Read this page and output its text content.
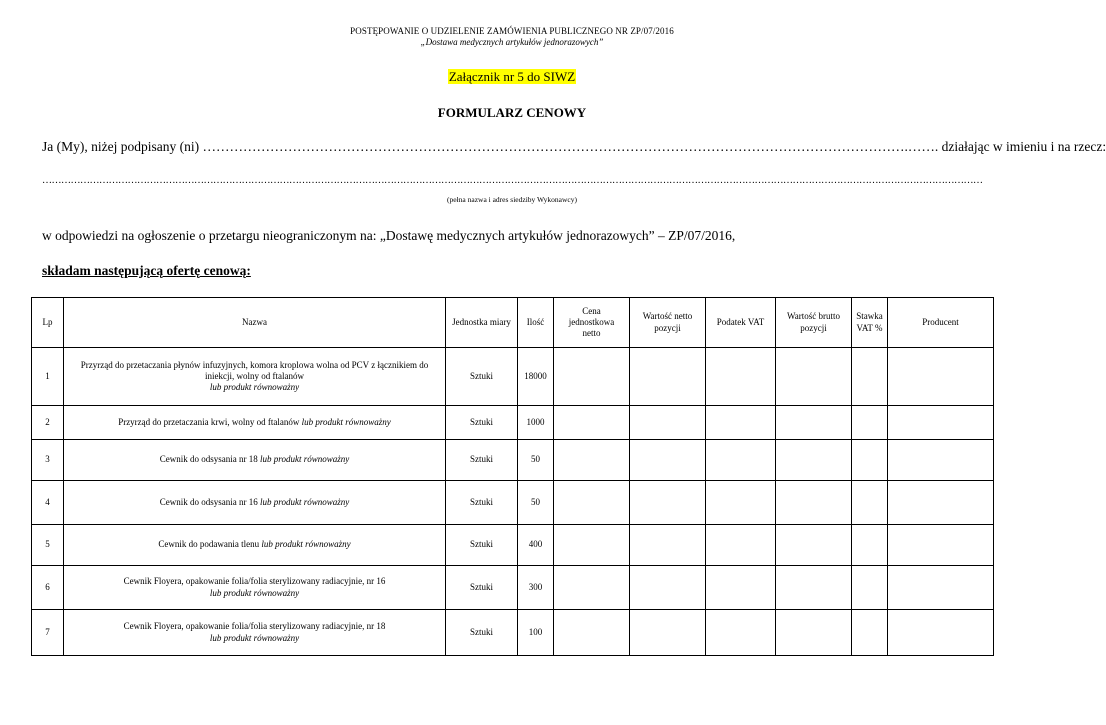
POSTĘPOWANIE O UDZIELENIE ZAMÓWIENIA PUBLICZNEGO NR ZP/07/2016
„Dostawa medycznych artykułów jednorazowych”
Załącznik nr 5 do SIWZ
FORMULARZ CENOWY
Ja (My), niżej podpisany (ni) ………………………………………………………………………………………………………………………………………….……. działając w imieniu i na rzecz:
………………………………………………………………………………………………………………………………………………………………………………………………………………………………………………………………………
(pełna nazwa i adres siedziby Wykonawcy)
w odpowiedzi na ogłoszenie o przetargu nieograniczonym na: „Dostawę medycznych artykułów jednorazowych” – ZP/07/2016,
składam następującą ofertę cenową:
Lp	Nazwa	Jednostka miary	Ilość	Cena
jednostkowa
netto	Wartość netto
pozycji	Podatek VAT	Wartość brutto
pozycji	Stawka
VAT %	Producent
1	Przyrząd do przetaczania płynów infuzyjnych, komora kroplowa wolna od PCV z łącznikiem do iniekcji, wolny od ftalanów
lub produkt równoważny	Sztuki	18000						
2	Przyrząd do przetaczania krwi, wolny od ftalanów lub produkt równoważny	Sztuki	1000						
3	Cewnik do odsysania nr 18 lub produkt równoważny	Sztuki	50						
4	Cewnik do odsysania nr 16 lub produkt równoważny	Sztuki	50						
5	Cewnik do podawania tlenu lub produkt równoważny	Sztuki	400						
6	Cewnik Floyera, opakowanie folia/folia sterylizowany radiacyjnie, nr 16
lub produkt równoważny	Sztuki	300						
7	Cewnik Floyera, opakowanie folia/folia sterylizowany radiacyjnie, nr 18
lub produkt równoważny	Sztuki	100						
